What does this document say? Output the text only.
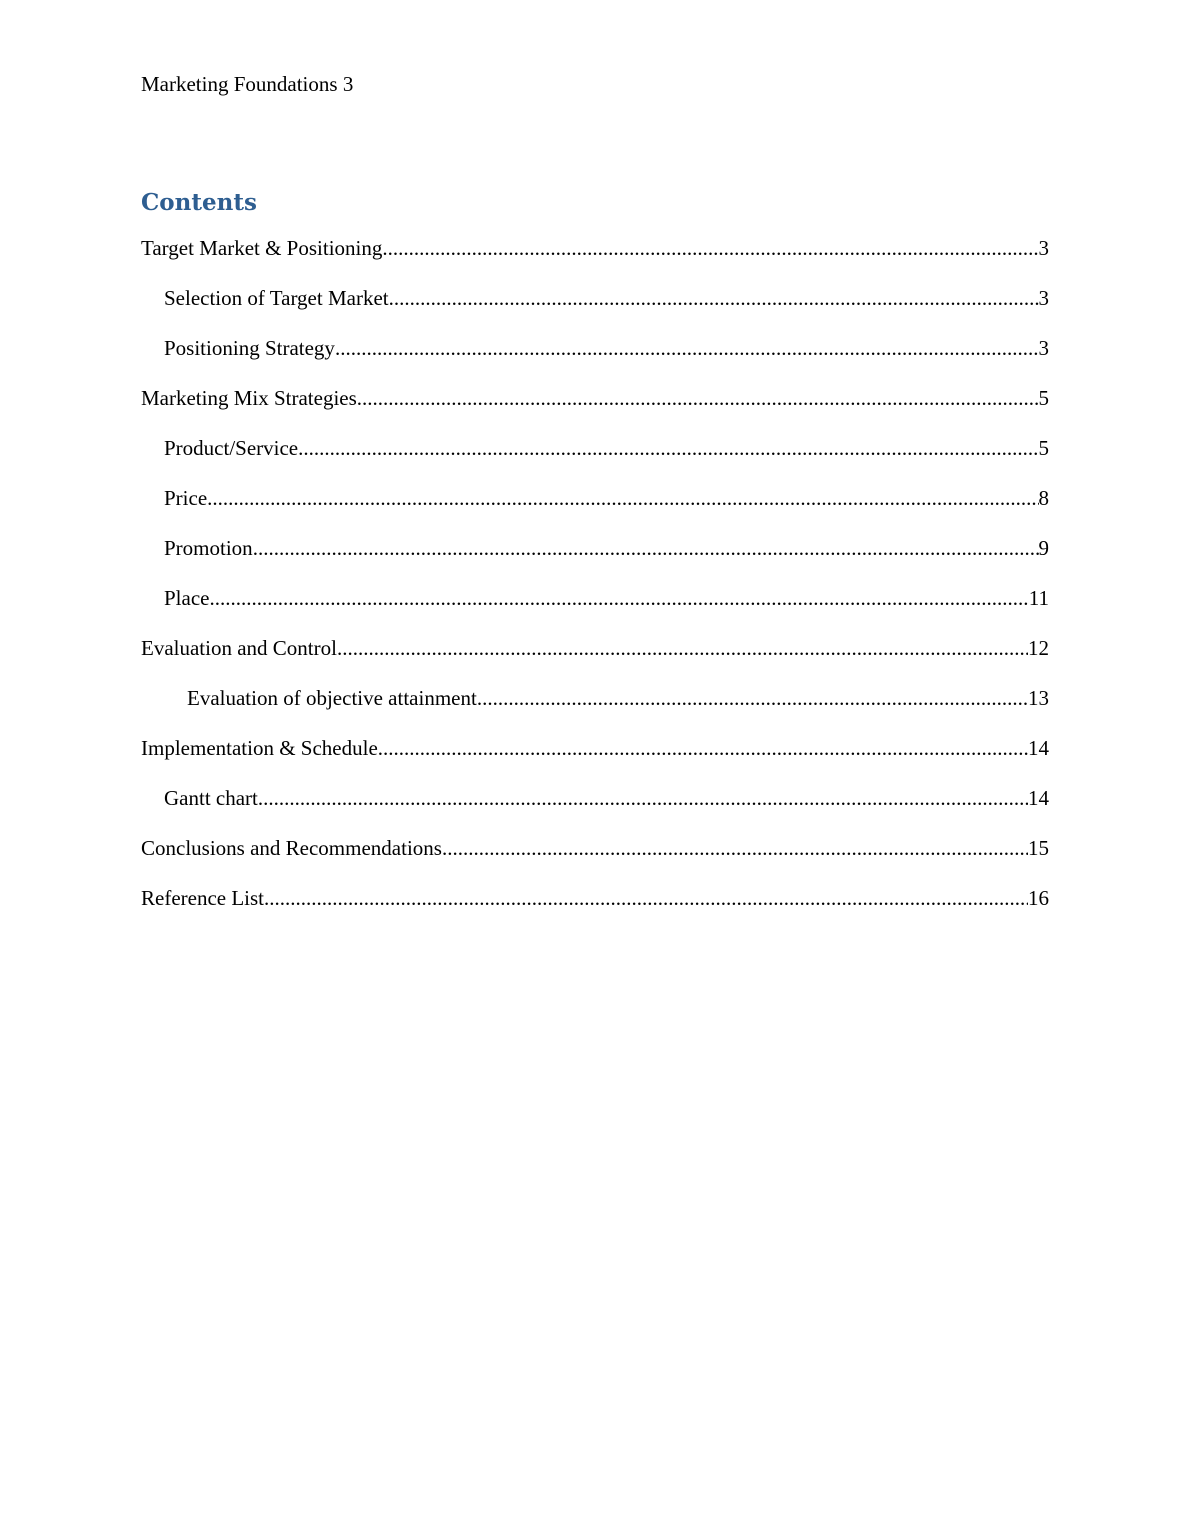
Marketing Foundations 3
Contents
Target Market & Positioning .....	3
Selection of Target Market .....	3
Positioning Strategy .....	3
Marketing Mix Strategies .....	5
Product/Service .....	5
Price .....	8
Promotion .....	9
Place .....	11
Evaluation and Control .....	12
Evaluation of objective attainment .....	13
Implementation & Schedule .....	14
Gantt chart .....	14
Conclusions and Recommendations .....	15
Reference List .....	16
